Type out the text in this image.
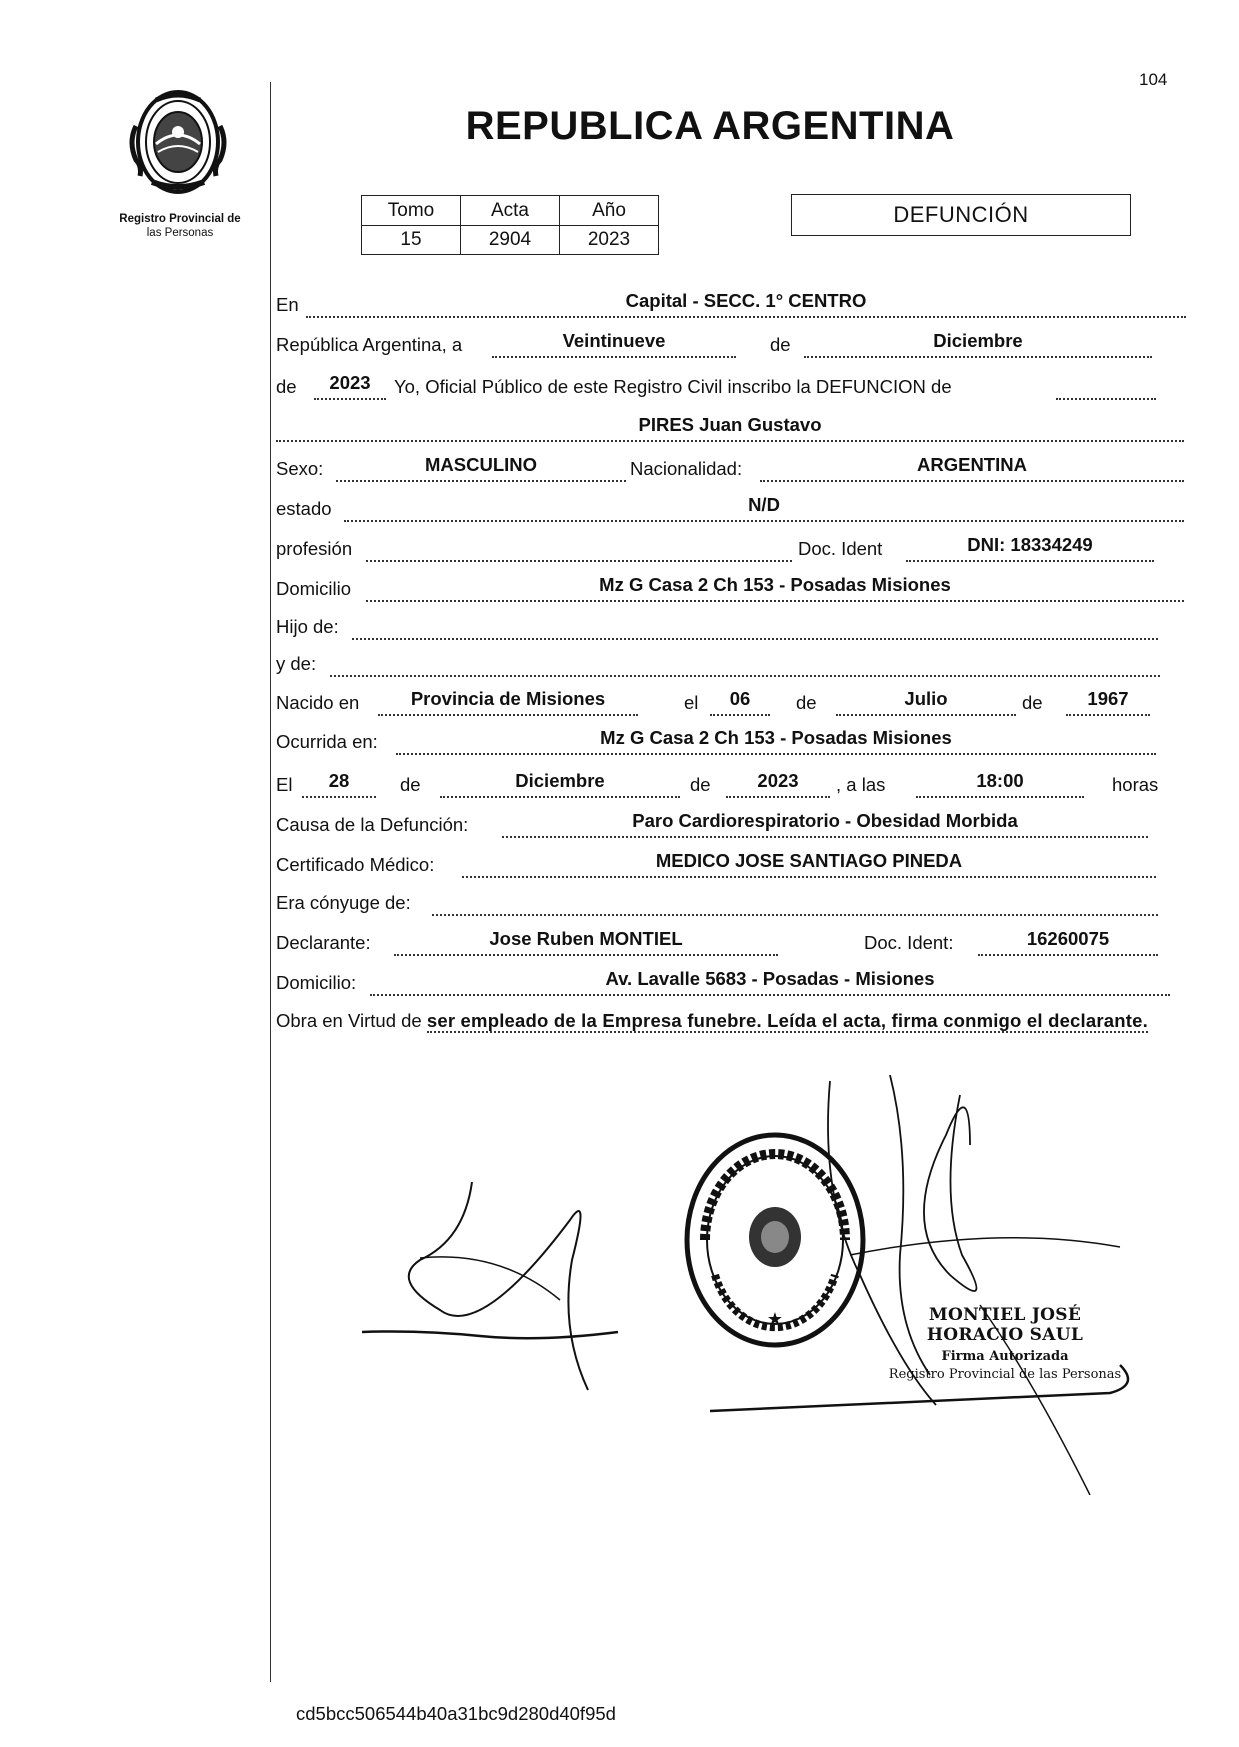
104
Registro Provincial de
las Personas
REPUBLICA ARGENTINA
Tomo	Acta	Año
15	2904	2023
DEFUNCIÓN
En	Capital - SECC. 1° CENTRO
República Argentina, a	Veintinueve	de	Diciembre
de	2023	Yo, Oficial Público de este Registro Civil inscribo la DEFUNCION de
PIRES Juan Gustavo
Sexo:	MASCULINO	Nacionalidad:	ARGENTINA
estado	N/D
profesión	Doc. Ident	DNI: 18334249
Domicilio	Mz G Casa 2 Ch 153 - Posadas Misiones
Hijo de:
y de:
Nacido en	Provincia de Misiones	el	06	de	Julio	de	1967
Ocurrida en:	Mz G Casa 2 Ch 153 - Posadas Misiones
El	28	de	Diciembre	de	2023	, a las	18:00	horas
Causa de la Defunción:	Paro Cardiorespiratorio - Obesidad Morbida
Certificado Médico:	MEDICO JOSE SANTIAGO PINEDA
Era cónyuge de:
Declarante:	Jose Ruben MONTIEL	Doc. Ident:	16260075
Domicilio:	Av. Lavalle 5683 - Posadas - Misiones
Obra en Virtud de ser empleado de la Empresa funebre. Leída el acta, firma conmigo el declarante.
★	MONTIEL JOSÉ HORACIO SAUL
Firma Autorizada
Registro Provincial de las Personas
cd5bcc506544b40a31bc9d280d40f95d
